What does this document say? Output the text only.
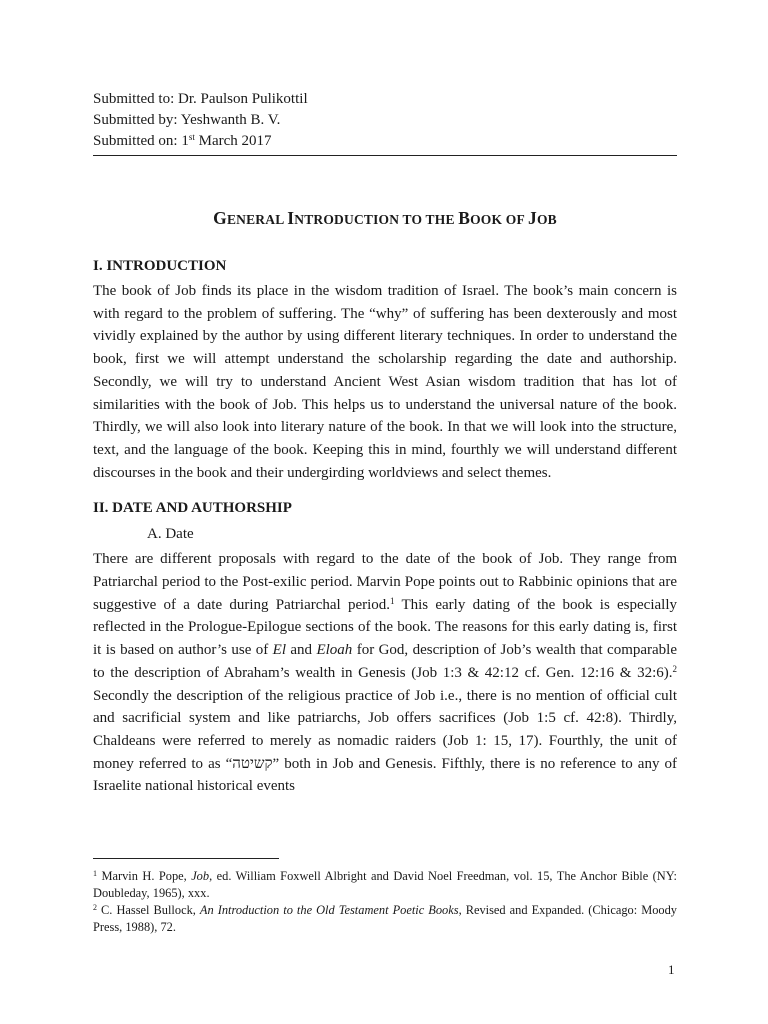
Submitted to: Dr. Paulson Pulikottil
Submitted by: Yeshwanth B. V.
Submitted on: 1st March 2017
GENERAL INTRODUCTION TO THE BOOK OF JOB
I. INTRODUCTION

The book of Job finds its place in the wisdom tradition of Israel. The book’s main concern is with regard to the problem of suffering. The “why” of suffering has been dexterously and most vividly explained by the author by using different literary techniques. In order to understand the book, first we will attempt understand the scholarship regarding the date and authorship. Secondly, we will try to understand Ancient West Asian wisdom tradition that has lot of similarities with the book of Job. This helps us to understand the universal nature of the book. Thirdly, we will also look into literary nature of the book. In that we will look into the structure, text, and the language of the book. Keeping this in mind, fourthly we will understand different discourses in the book and their undergirding worldviews and select themes.

II. DATE AND AUTHORSHIP
A. Date

There are different proposals with regard to the date of the book of Job. They range from Patriarchal period to the Post-exilic period. Marvin Pope points out to Rabbinic opinions that are suggestive of a date during Patriarchal period.$^1$ This early dating of the book is especially reflected in the Prologue-Epilogue sections of the book. The reasons for this early dating is, first it is based on author’s use of El and Eloah for God, description of Job’s wealth that comparable to the description of Abraham’s wealth in Genesis (Job 1:3 & 42:12 cf. Gen. 12:16 & 32:6).$^2$ Secondly the description of the religious practice of Job i.e., there is no mention of official cult and sacrificial system and like patriarchs, Job offers sacrifices (Job 1:5 cf. 42:8). Thirdly, Chaldeans were referred to merely as nomadic raiders (Job 1: 15, 17). Fourthly, the unit of money referred to as “קשיטה” both in Job and Genesis. Fifthly, there is no reference to any of Israelite national historical events

$^1$ Marvin H. Pope, Job, ed. William Foxwell Albright and David Noel Freedman, vol. 15, The Anchor Bible (NY: Doubleday, 1965), xxx.

$^2$ C. Hassel Bullock, An Introduction to the Old Testament Poetic Books, Revised and Expanded. (Chicago: Moody Press, 1988), 72.

1
